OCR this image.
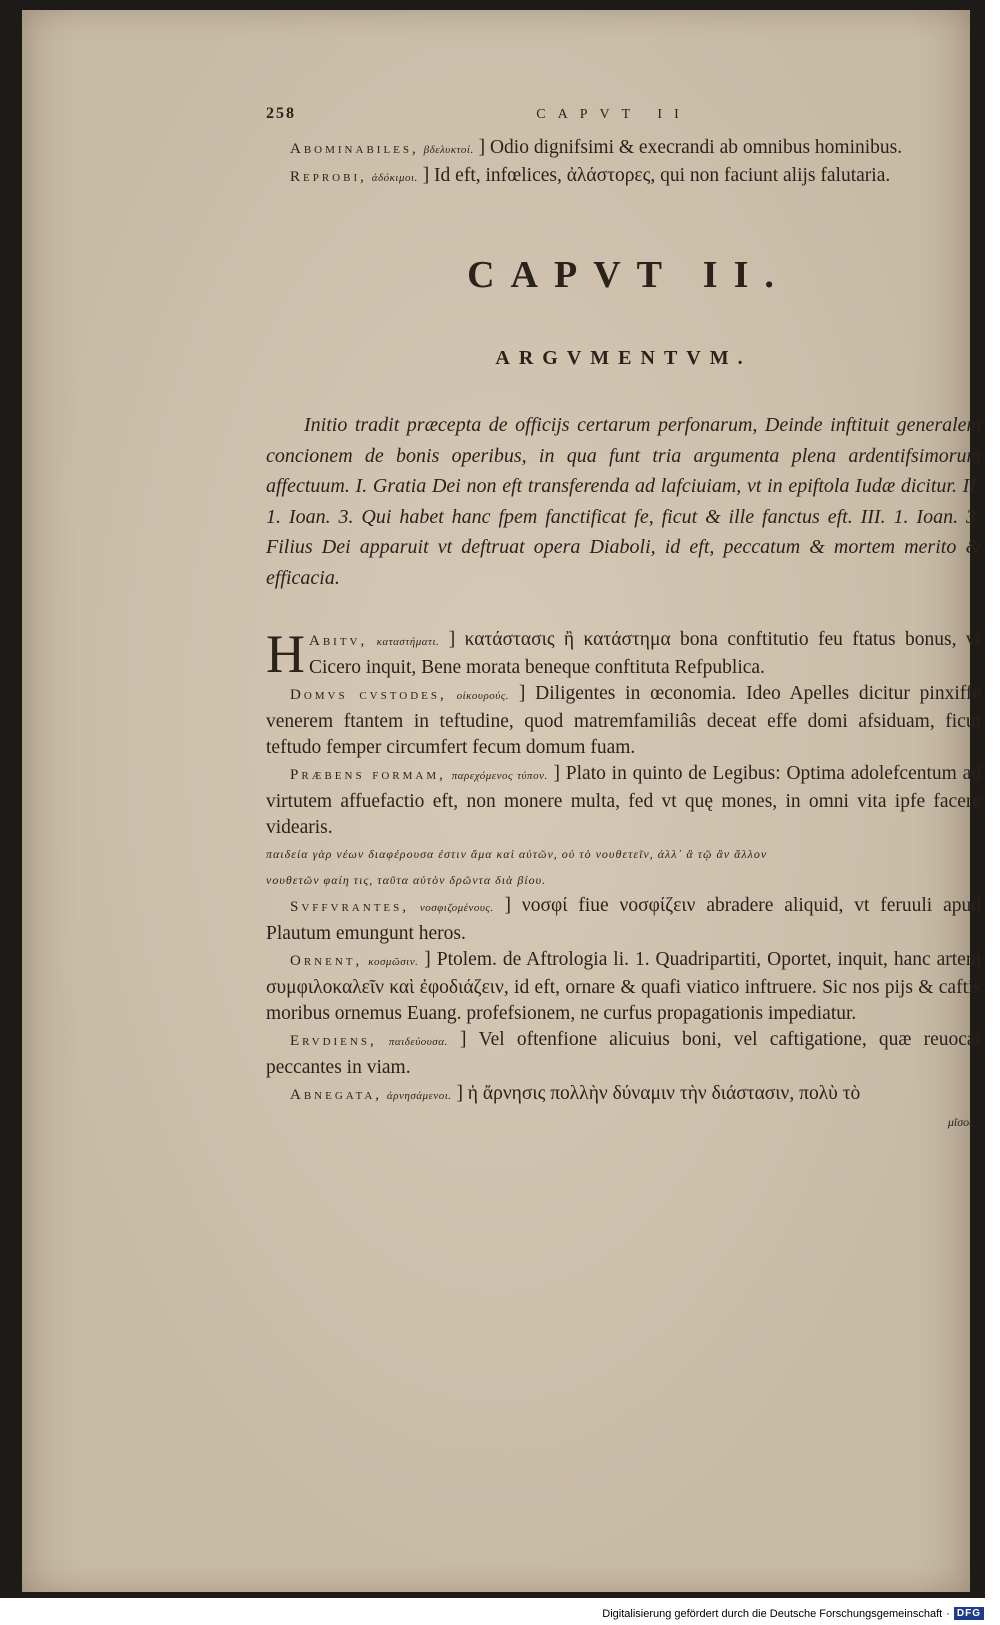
258	CAPVT II

Abominabiles, βδελυκτοί. ] Odio dignifsimi & execrandi ab omnibus hominibus.

Reprobi, ἀδόκιμοι. ] Id eft, infœlices, ἀλάστορες, qui non faciunt alijs falutaria.

CAPVT II.
ARGVMENTVM.

Initio tradit præcepta de officijs certarum perfonarum, Deinde inftituit generalem concionem de bonis operibus, in qua funt tria argumenta plena ardentifsimorum affectuum. I. Gratia Dei non eft transferenda ad lafciuiam, vt in epiftola Iudæ dicitur. II. 1. Ioan. 3. Qui habet hanc fpem fanctificat fe, ficut & ille fanctus eft. III. 1. Ioan. 3. Filius Dei apparuit vt deftruat opera Diaboli, id eft, peccatum & mortem merito & efficacia.

H Abitv, καταστήματι. ] κατάστασις ἢ κατάστημα bona conftitutio feu ftatus bonus, vt Cicero inquit, Bene morata beneque conftituta Refpublica.

Domvs cvstodes, οἰκουρούς. ] Diligentes in œconomia. Ideo Apelles dicitur pinxiffe venerem ftantem in teftudine, quod matremfamiliâs deceat effe domi afsiduam, ficut teftudo femper circumfert fecum domum fuam.

Præbens formam, παρεχόμενος τύπον. ] Plato in quinto de Legibus: Optima adolefcentum ad virtutem affuefactio eft, non monere multa, fed vt quę mones, in omni vita ipfe facere videaris.

παιδεία γὰρ νέων διαφέρουσα ἐστιν ἅμα καὶ αὐτῶν, οὐ τὸ νουθετεῖν, ἀλλ᾽ ἃ τῷ ἂν ἄλλον

νουθετῶν φαίη τις, ταῦτα αὐτὸν δρῶντα διὰ βίου.

Svffvrantes, νοσφιζομένους. ] νοσφί fiue νοσφίζειν abradere aliquid, vt feruuli apud Plautum emungunt heros.

Ornent, κοσμῶσιν. ] Ptolem. de Aftrologia li. 1. Quadripartiti, Oportet, inquit, hanc artem συμφιλοκαλεῖν καὶ ἐφοδιάζειν, id eft, ornare & quafi viatico inftruere. Sic nos pijs & caftis moribus ornemus Euang. profefsionem, ne curfus propagationis impediatur.

Ervdiens, παιδεύουσα. ] Vel oftenfione alicuius boni, vel caftigatione, quæ reuocat peccantes in viam.

Abnegata, ἀρνησάμενοι. ] ἡ ἄρνησις πολλὴν δύναμιν τὴν διάστασιν, πολὺ τὸ

μῖσος,
Digitalisierung gefördert durch die Deutsche Forschungsgemeinschaft · DFG
